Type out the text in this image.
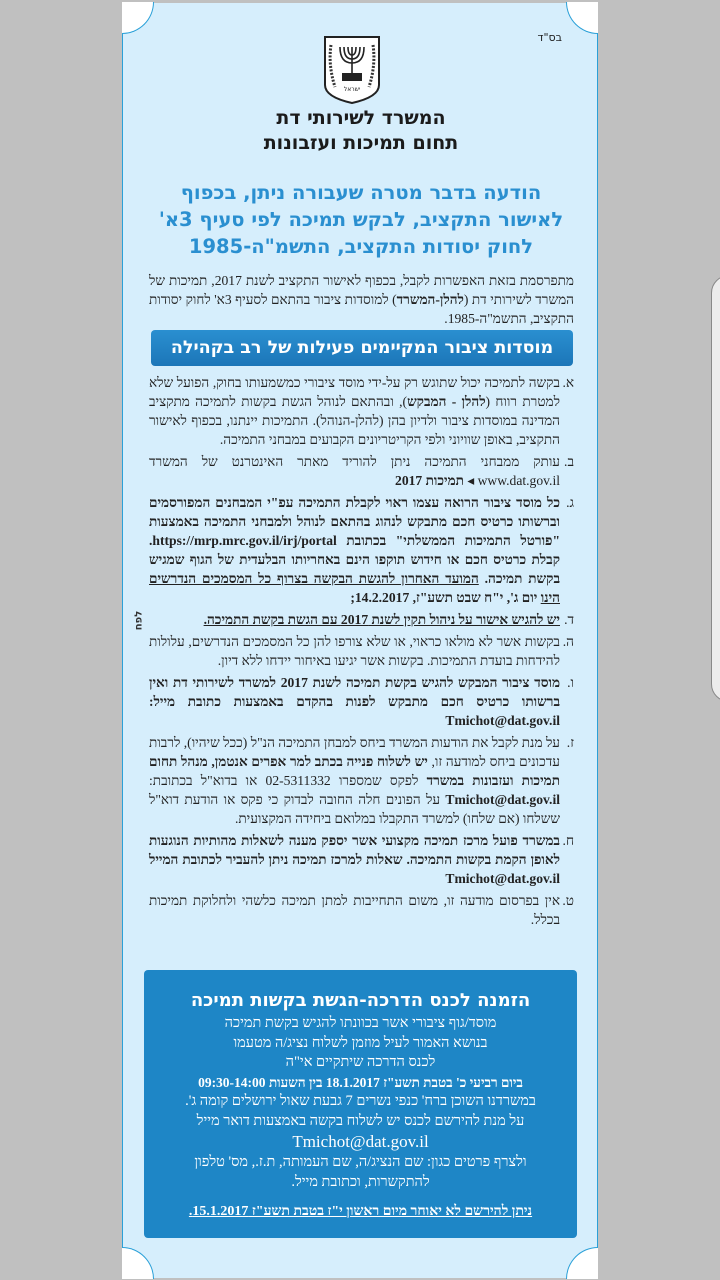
בס"ד
ישראל
המשרד לשירותי דת
תחום תמיכות ועזבונות
הודעה בדבר מטרה שעבורה ניתן, בכפוף
לאישור התקציב, לבקש תמיכה לפי סעיף 3א'
לחוק יסודות התקציב, התשמ"ה-1985
מתפרסמת בזאת האפשרות לקבל, בכפוף לאישור התקציב לשנת 2017, תמיכות של המשרד לשירותי דת (להלן-המשרד) למוסדות ציבור בהתאם לסעיף 3א' לחוק יסודות התקציב, התשמ"ה-1985.
מוסדות ציבור המקיימים פעילות של רב בקהילה
לפח
א.
בקשה לתמיכה יכול שתוגש רק על-ידי מוסד ציבורי כמשמעותו בחוק, הפועל שלא למטרת רווח (להלן - המבקש), ובהתאם לנוהל הגשת בקשות לתמיכה מתקציב המדינה במוסדות ציבור ולדיון בהן (להלן-הנוהל). התמיכות יינתנו, בכפוף לאישור התקציב, באופן שוויוני ולפי הקריטריונים הקבועים במבחני התמיכה.
ב.
עותק ממבחני התמיכה ניתן להוריד מאתר האינטרנט של המשרד www.dat.gov.il ◂ תמיכות 2017
ג.
כל מוסד ציבור הרואה עצמו ראוי לקבלת התמיכה עפ"י המבחנים המפורסמים וברשותו כרטיס חכם מתבקש לנהוג בהתאם לנוהל ולמבחני התמיכה באמצעות "פורטל התמיכות הממשלתי" בכתובת https://mrp.mrc.gov.il/irj/portal. קבלת כרטיס חכם או חידוש תוקפו הינם באחריותו הבלעדית של הגוף שמגיש בקשת תמיכה. המועד האחרון להגשת הבקשה בצרוף כל המסמכים הנדרשים הינו יום ג', י"ח שבט תשע"ז, 14.2.2017;
ד.
יש להגיש אישור על ניהול תקין לשנת 2017 עם הגשת בקשת התמיכה.
ה.
בקשות אשר לא מולאו כראוי, או שלא צורפו להן כל המסמכים הנדרשים, עלולות להידחות בועדת התמיכות. בקשות אשר יגיעו באיחור יידחו ללא דיון.
ו.
מוסד ציבור המבקש להגיש בקשת תמיכה לשנת 2017 למשרד לשירותי דת ואין ברשותו כרטיס חכם מתבקש לפנות בהקדם באמצעות כתובת מייל: Tmichot@dat.gov.il
ז.
על מנת לקבל את הודעות המשרד ביחס למבחן התמיכה הנ"ל (ככל שיהיו), לרבות עדכונים ביחס למודעה זו, יש לשלוח פנייה בכתב למר אפרים אנטמן, מנהל תחום תמיכות ועזבונות במשרד לפקס שמספרו 02-5311332 או בדוא"ל בכתובת: Tmichot@dat.gov.il על הפונים חלה החובה לבדוק כי פקס או הודעת דוא"ל ששלחו (אם שלחו) למשרד התקבלו במלואם ביחידה המקצועית.
ח.
במשרד פועל מרכז תמיכה מקצועי אשר יספק מענה לשאלות מהותיות הנוגעות לאופן הקמת בקשות התמיכה. שאלות למרכז תמיכה ניתן להעביר לכתובת המייל Tmichot@dat.gov.il
ט.
אין בפרסום מודעה זו, משום התחייבות למתן תמיכה כלשהי ולחלוקת תמיכות בכלל.
הזמנה לכנס הדרכה-הגשת בקשות תמיכה
מוסד/גוף ציבורי אשר בכוונתו להגיש בקשת תמיכה
בנושא האמור לעיל מוזמן לשלוח נציג/ה מטעמו
לכנס הדרכה שיתקיים אי"ה
ביום רביעי כ' בטבת תשע"ז 18.1.2017 בין השעות 09:30-14:00
במשרדנו השוכן ברח' כנפי נשרים 7 גבעת שאול ירושלים קומה ג'.
על מנת להירשם לכנס יש לשלוח בקשה באמצעות דואר מייל
Tmichot@dat.gov.il
ולצרף פרטים כגון: שם הנציג/ה, שם העמותה, ת.ז., מס' טלפון
להתקשרות, וכתובת מייל.
ניתן להירשם לא יאוחר מיום ראשון י"ז בטבת תשע"ז 15.1.2017.
